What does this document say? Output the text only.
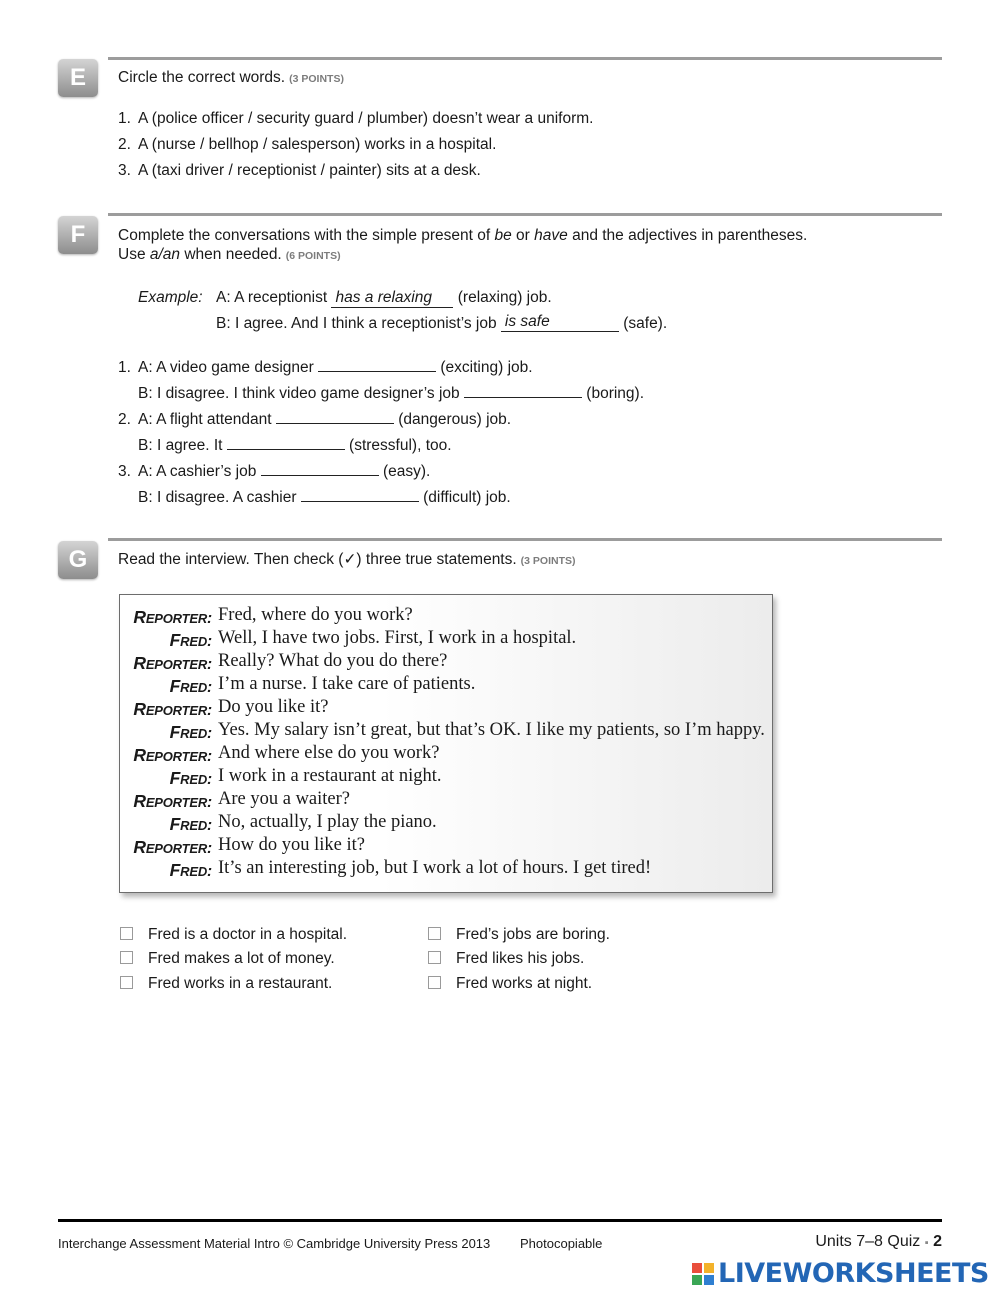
E	Circle the correct words. (3 POINTS)
1. A (police officer / security guard / plumber) doesn’t wear a uniform.
2. A (nurse / bellhop / salesperson) works in a hospital.
3. A (taxi driver / receptionist / painter) sits at a desk.
F	Complete the conversations with the simple present of be or have and the adjectives in parentheses.
Use a/an when needed. (6 POINTS)
Example: A: A receptionist has a relaxing (relaxing) job.
B: I agree. And I think a receptionist’s job is safe	(safe).
1. A: A video game designer	(exciting) job.
B: I disagree. I think video game designer’s job	(boring).
2. A: A flight attendant	(dangerous) job.
B: I agree. It	(stressful), too.
3. A: A cashier’s job	(easy).
B: I disagree. A cashier	(difficult) job.
G	Read the interview. Then check (✓) three true statements. (3 POINTS)
REPORTER: Fred, where do you work?
FRED: Well, I have two jobs. First, I work in a hospital.
REPORTER: Really? What do you do there?
FRED: I’m a nurse. I take care of patients.
REPORTER: Do you like it?
FRED: Yes. My salary isn’t great, but that’s OK. I like my patients, so I’m happy.
REPORTER: And where else do you work?
FRED: I work in a restaurant at night.
REPORTER: Are you a waiter?
FRED: No, actually, I play the piano.
REPORTER: How do you like it?
FRED: It’s an interesting job, but I work a lot of hours. I get tired!
Fred is a doctor in a hospital.
Fred makes a lot of money.
Fred works in a restaurant.
Fred’s jobs are boring.
Fred likes his jobs.
Fred works at night.
Interchange Assessment Material Intro © Cambridge University Press 2013 Photocopiable	Units 7–8 Quiz ▪ 2
LIVEWORKSHEETS
